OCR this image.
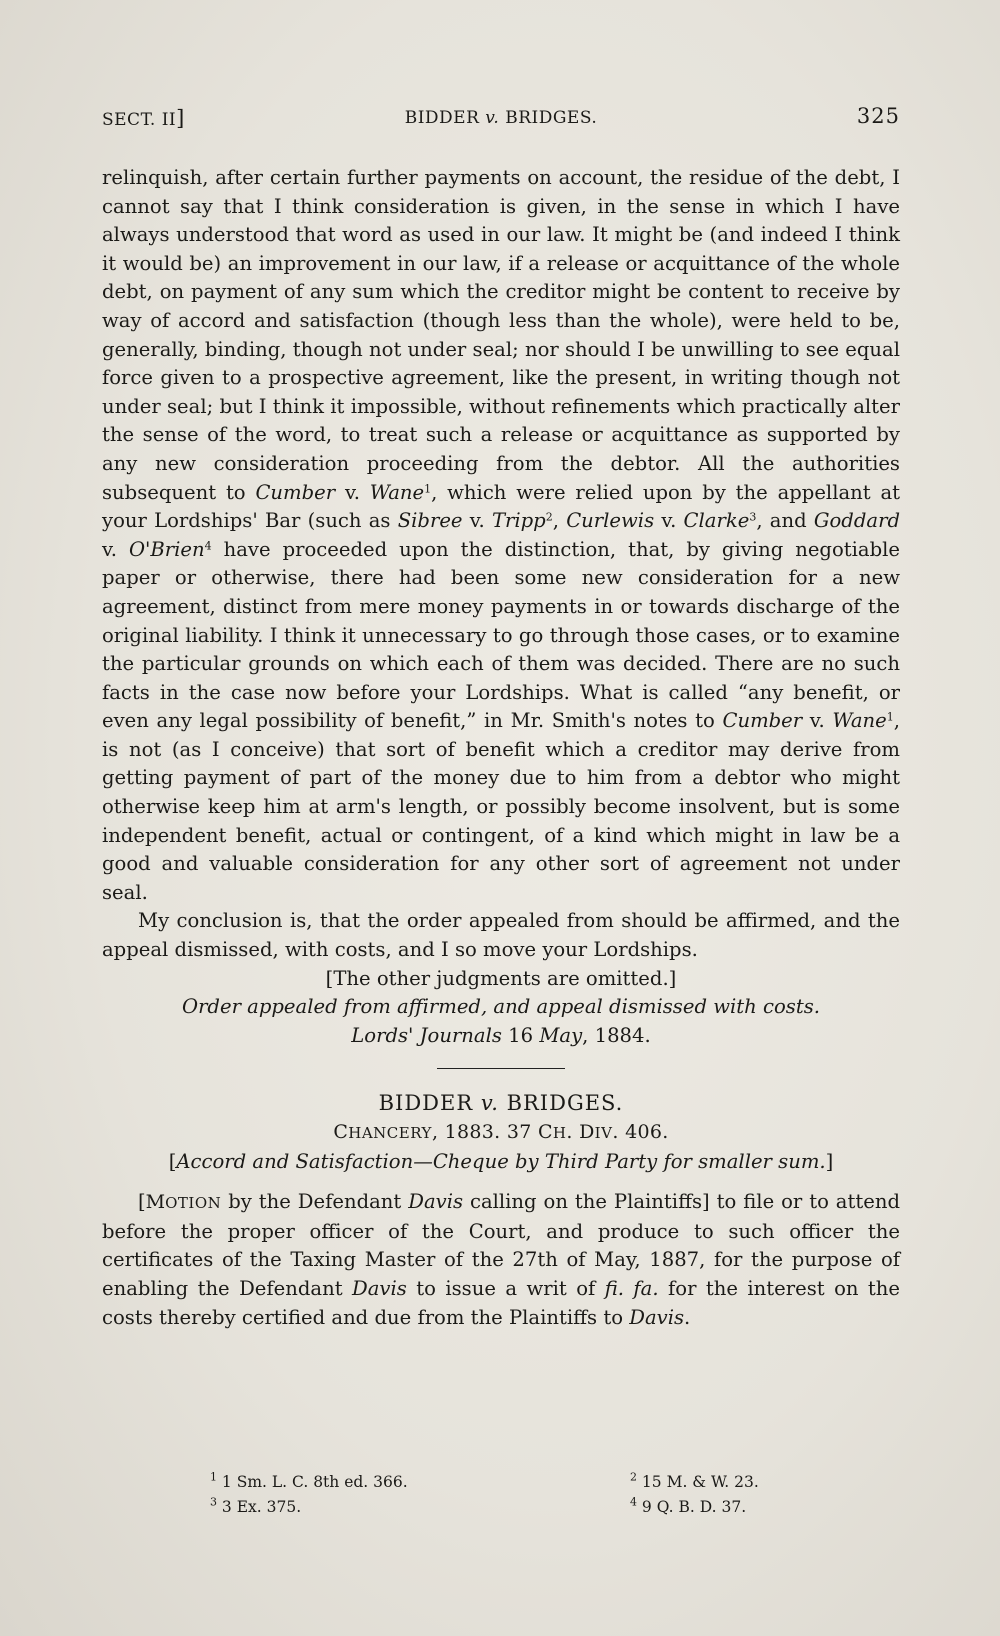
SECT. II]	BIDDER v. BRIDGES.	325

relinquish, after certain further payments on account, the residue of the debt, I cannot say that I think consideration is given, in the sense in which I have always understood that word as used in our law. It might be (and indeed I think it would be) an improvement in our law, if a release or acquittance of the whole debt, on payment of any sum which the creditor might be content to receive by way of accord and satisfaction (though less than the whole), were held to be, generally, binding, though not under seal; nor should I be unwilling to see equal force given to a prospective agreement, like the present, in writing though not under seal; but I think it impossible, without refinements which practically alter the sense of the word, to treat such a release or acquittance as supported by any new consideration proceeding from the debtor. All the authorities subsequent to Cumber v. Wane$^1$, which were relied upon by the appellant at your Lordships' Bar (such as Sibree v. Tripp$^2$, Curlewis v. Clarke$^3$, and Goddard v. O'Brien$^4$ have proceeded upon the distinction, that, by giving negotiable paper or otherwise, there had been some new consideration for a new agreement, distinct from mere money payments in or towards discharge of the original liability. I think it unnecessary to go through those cases, or to examine the particular grounds on which each of them was decided. There are no such facts in the case now before your Lordships. What is called “any benefit, or even any legal possibility of benefit,” in Mr. Smith's notes to Cumber v. Wane$^1$, is not (as I conceive) that sort of benefit which a creditor may derive from getting payment of part of the money due to him from a debtor who might otherwise keep him at arm's length, or possibly become insolvent, but is some independent benefit, actual or contingent, of a kind which might in law be a good and valuable consideration for any other sort of agreement not under seal.

My conclusion is, that the order appealed from should be affirmed, and the appeal dismissed, with costs, and I so move your Lordships.

[The other judgments are omitted.]

Order appealed from affirmed, and appeal dismissed with costs.

Lords' Journals 16 May, 1884.

BIDDER v. BRIDGES.

CHANCERY, 1883. 37 CH. DIV. 406.

[Accord and Satisfaction—Cheque by Third Party for smaller sum.]

[MOTION by the Defendant Davis calling on the Plaintiffs] to file or to attend before the proper officer of the Court, and produce to such officer the certificates of the Taxing Master of the 27th of May, 1887, for the purpose of enabling the Defendant Davis to issue a writ of fi. fa. for the interest on the costs thereby certified and due from the Plaintiffs to Davis.

$^1$ 1 Sm. L. C. 8th ed. 366.	$^2$ 15 M. & W. 23.
$^3$ 3 Ex. 375.	$^4$ 9 Q. B. D. 37.
